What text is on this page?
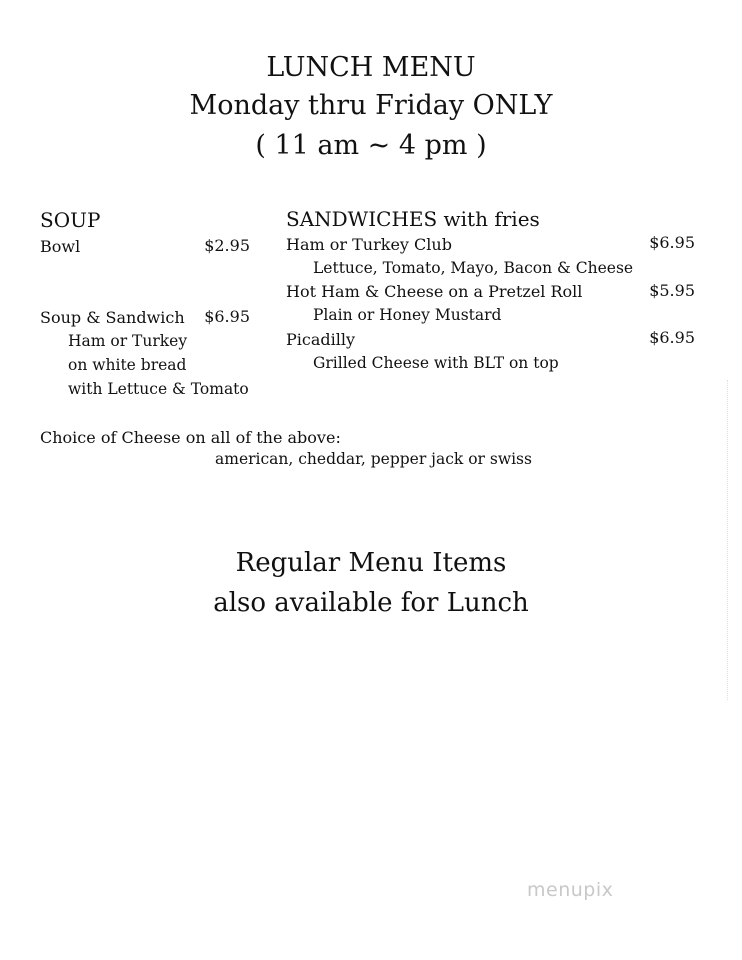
LUNCH MENU
Monday thru Friday ONLY
( 11 am ~ 4 pm )
SOUP
Bowl	$2.95
Soup & Sandwich	$6.95
Ham or Turkey
on white bread
with Lettuce & Tomato
SANDWICHES with fries
Ham or Turkey Club	$6.95
Lettuce, Tomato, Mayo, Bacon & Cheese
Hot Ham & Cheese on a Pretzel Roll	$5.95
Plain or Honey Mustard
Picadilly	$6.95
Grilled Cheese with BLT on top
Choice of Cheese on all of the above:
american, cheddar, pepper jack or swiss
Regular Menu Items
also available for Lunch
menupix
